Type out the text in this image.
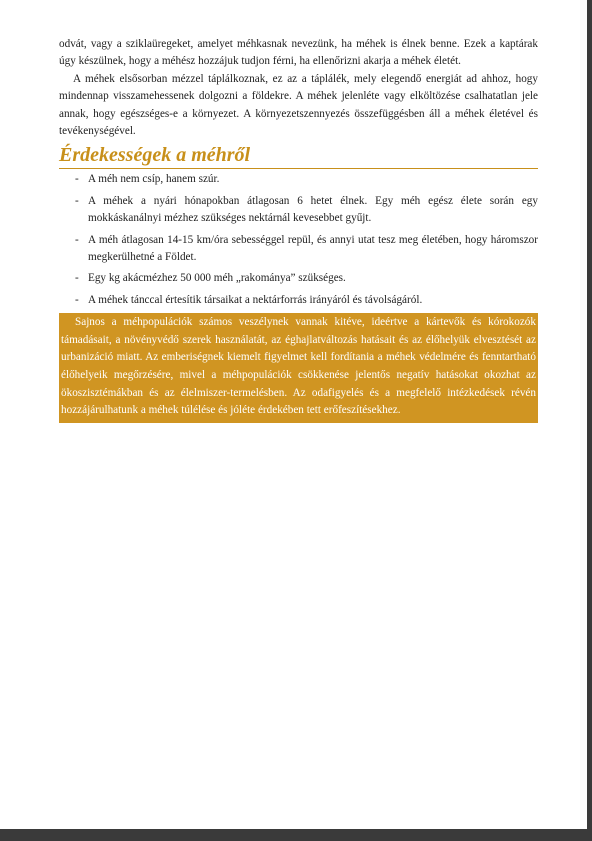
odvát, vagy a sziklaüregeket, amelyet méhkasnak nevezünk, ha méhek is élnek benne. Ezek a kaptárak úgy készülnek, hogy a méhész hozzájuk tudjon férni, ha ellenőrizni akarja a méhek életét.

A méhek elsősorban mézzel táplálkoznak, ez az a táplálék, mely elegendő energiát ad ahhoz, hogy mindennap visszamehessenek dolgozni a földekre. A méhek jelenléte vagy elköltözése csalhatatlan jele annak, hogy egészséges-e a környezet. A környezetszennyezés összefüggésben áll a méhek életével és tevékenységével.

Érdekességek a méhről
- A méh nem csíp, hanem szúr.
- A méhek a nyári hónapokban átlagosan 6 hetet élnek. Egy méh egész élete során egy mokkáskanálnyi mézhez szükséges nektárnál kevesebbet gyűjt.
- A méh átlagosan 14-15 km/óra sebességgel repül, és annyi utat tesz meg életében, hogy háromszor megkerülhetné a Földet.
- Egy kg akácmézhez 50 000 méh „rakománya” szükséges.
- A méhek tánccal értesítik társaikat a nektárforrás irányáról és távolságáról.

Sajnos a méhpopulációk számos veszélynek vannak kitéve, ideértve a kártevők és kórokozók támadásait, a növényvédő szerek használatát, az éghajlatváltozás hatásait és az élőhelyük elvesztését az urbanizáció miatt. Az emberiségnek kiemelt figyelmet kell fordítania a méhek védelmére és fenntartható élőhelyeik megőrzésére, mivel a méhpopulációk csökkenése jelentős negatív hatásokat okozhat az ökoszisztémákban és az élelmiszer-termelésben. Az odafigyelés és a megfelelő intézkedések révén hozzájárulhatunk a méhek túlélése és jóléte érdekében tett erőfeszítésekhez.
